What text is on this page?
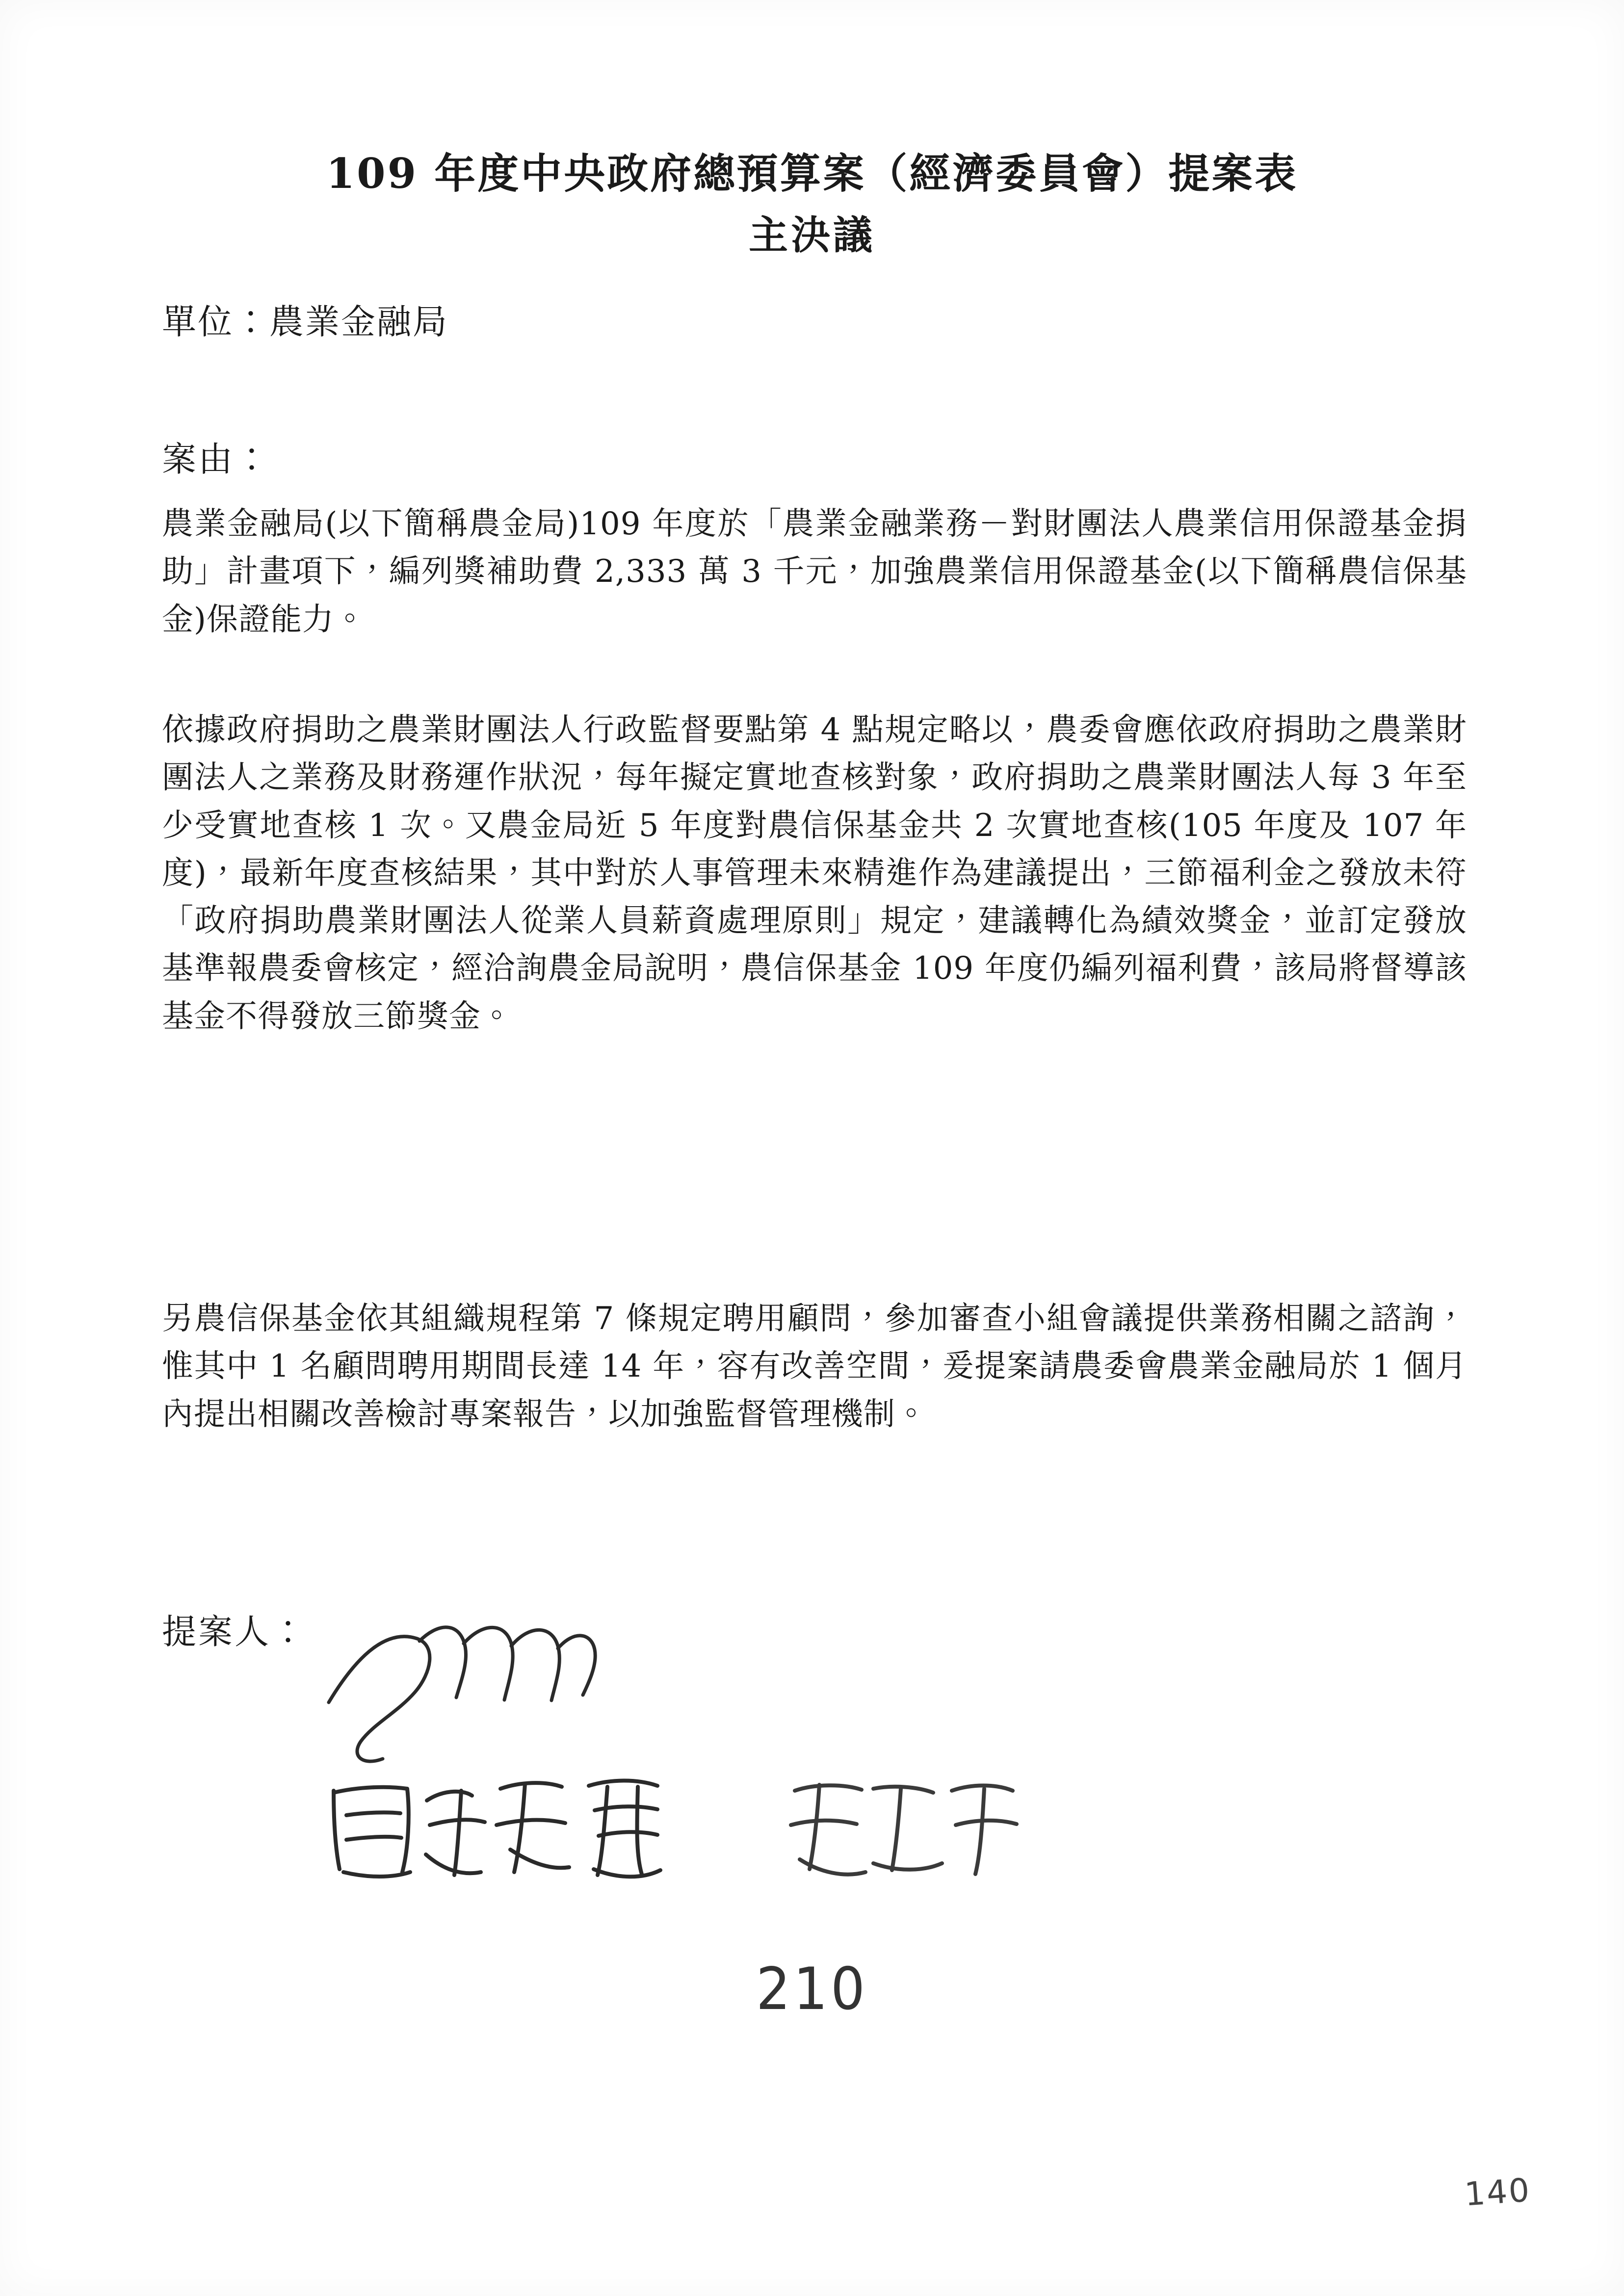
109 年度中央政府總預算案（經濟委員會）提案表
主決議
單位：農業金融局
案由：

農業金融局(以下簡稱農金局)109 年度於「農業金融業務－對財團法人農業信用保證基金捐助」計畫項下，編列獎補助費 2,333 萬 3 千元，加強農業信用保證基金(以下簡稱農信保基金)保證能力。

依據政府捐助之農業財團法人行政監督要點第 4 點規定略以，農委會應依政府捐助之農業財團法人之業務及財務運作狀況，每年擬定實地查核對象，政府捐助之農業財團法人每 3 年至少受實地查核 1 次。又農金局近 5 年度對農信保基金共 2 次實地查核(105 年度及 107 年度)，最新年度查核結果，其中對於人事管理未來精進作為建議提出，三節福利金之發放未符「政府捐助農業財團法人從業人員薪資處理原則」規定，建議轉化為績效獎金，並訂定發放基準報農委會核定，經洽詢農金局說明，農信保基金 109 年度仍編列福利費，該局將督導該基金不得發放三節獎金。

另農信保基金依其組織規程第 7 條規定聘用顧問，參加審查小組會議提供業務相關之諮詢，惟其中 1 名顧問聘用期間長達 14 年，容有改善空間，爰提案請農委會農業金融局於 1 個月內提出相關改善檢討專案報告，以加強監督管理機制。

提案人：
210
140
